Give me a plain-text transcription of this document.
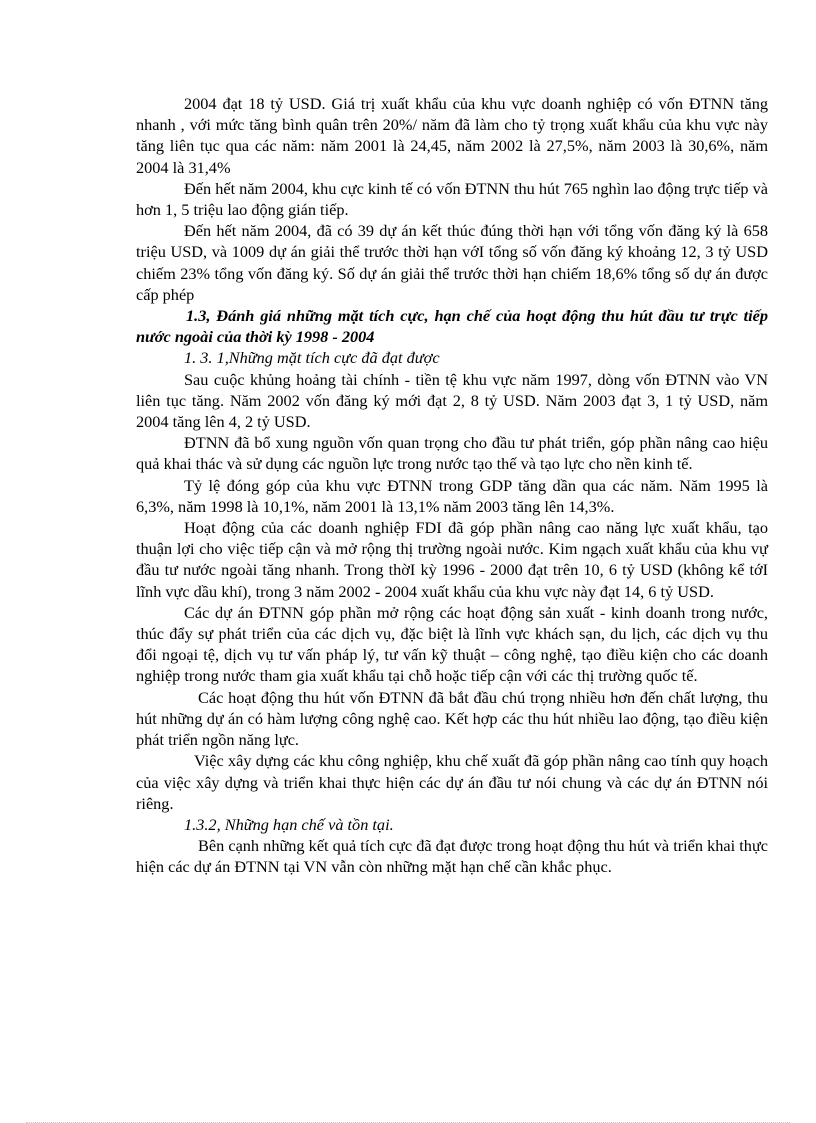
2004 đạt 18 tỷ USD. Giá trị xuất khẩu của khu vực doanh nghiệp có vốn ĐTNN tăng nhanh , với mức tăng bình quân trên 20%/ năm đã làm cho tỷ trọng xuất khẩu của khu vực này tăng liên tục qua các năm: năm 2001 là 24,45, năm 2002 là 27,5%, năm 2003 là 30,6%, năm 2004 là 31,4%

Đến hết năm 2004, khu cực kinh tế có vốn ĐTNN thu hút 765 nghìn lao động trực tiếp và hơn 1, 5 triệu lao động gián tiếp.

Đến hết năm 2004, đã có 39 dự án kết thúc đúng thời hạn với tổng vốn đăng ký là 658 triệu USD, và 1009 dự án giải thể trước thời hạn vớI tổng số vốn đăng ký khoảng 12, 3 tỷ USD chiếm 23% tổng vốn đăng ký. Số dự án giải thể trước thời hạn chiếm 18,6% tổng số dự án được cấp phép

1.3, Đánh giá những mặt tích cực, hạn chế của hoạt động thu hút đầu tư trực tiếp nước ngoài của thời kỳ 1998 - 2004

1. 3. 1,Những mặt tích cực đã đạt được

Sau cuộc khủng hoảng tài chính - tiền tệ khu vực năm 1997, dòng vốn ĐTNN vào VN liên tục tăng. Năm 2002 vốn đăng ký mới đạt 2, 8 tỷ USD. Năm 2003 đạt 3, 1 tỷ USD, năm 2004 tăng lên 4, 2 tỷ USD.

ĐTNN đã bổ xung nguồn vốn quan trọng cho đầu tư phát triển, góp phần nâng cao hiệu quả khai thác và sử dụng các nguồn lực trong nước tạo thế và tạo lực cho nền kinh tế.

Tỷ lệ đóng góp của khu vực ĐTNN trong GDP tăng dần qua các năm. Năm 1995 là 6,3%, năm 1998 là 10,1%, năm 2001 là 13,1% năm 2003 tăng lên 14,3%.

Hoạt động của các doanh nghiệp FDI đã góp phần nâng cao năng lực xuất khẩu, tạo thuận lợi cho việc tiếp cận và mở rộng thị trường ngoài nước. Kim ngạch xuất khẩu của khu vự đầu tư nước ngoài tăng nhanh. Trong thờI kỳ 1996 - 2000 đạt trên 10, 6 tỷ USD (không kể tớI lĩnh vực dầu khí), trong 3 năm 2002 - 2004 xuất khẩu của khu vực này đạt 14, 6 tỷ USD.

Các dự án ĐTNN góp phần mở rộng các hoạt động sản xuất - kinh doanh trong nước, thúc đẩy sự phát triển của các dịch vụ, đặc biệt là lĩnh vực khách sạn, du lịch, các dịch vụ thu đổi ngoại tệ, dịch vụ tư vấn pháp lý, tư vấn kỹ thuật – công nghệ, tạo điều kiện cho các doanh nghiệp trong nước tham gia xuất khẩu tại chỗ hoặc tiếp cận với các thị trường quốc tế.

Các hoạt động thu hút vốn ĐTNN đã bắt đầu chú trọng nhiều hơn đến chất lượng, thu hút những dự án có hàm lượng công nghệ cao. Kết hợp các thu hút nhiều lao động, tạo điều kiện phát triển ngồn năng lực.

Việc xây dựng các khu công nghiệp, khu chế xuất đã góp phần nâng cao tính quy hoạch của việc xây dựng và triển khai thực hiện các dự án đầu tư nói chung và các dự án ĐTNN nói riêng.

1.3.2, Những hạn chế và tồn tại.

Bên cạnh những kết quả tích cực đã đạt được trong hoạt động thu hút và triển khai thực hiện các dự án ĐTNN tại VN vẫn còn những mặt hạn chế cần khắc phục.
